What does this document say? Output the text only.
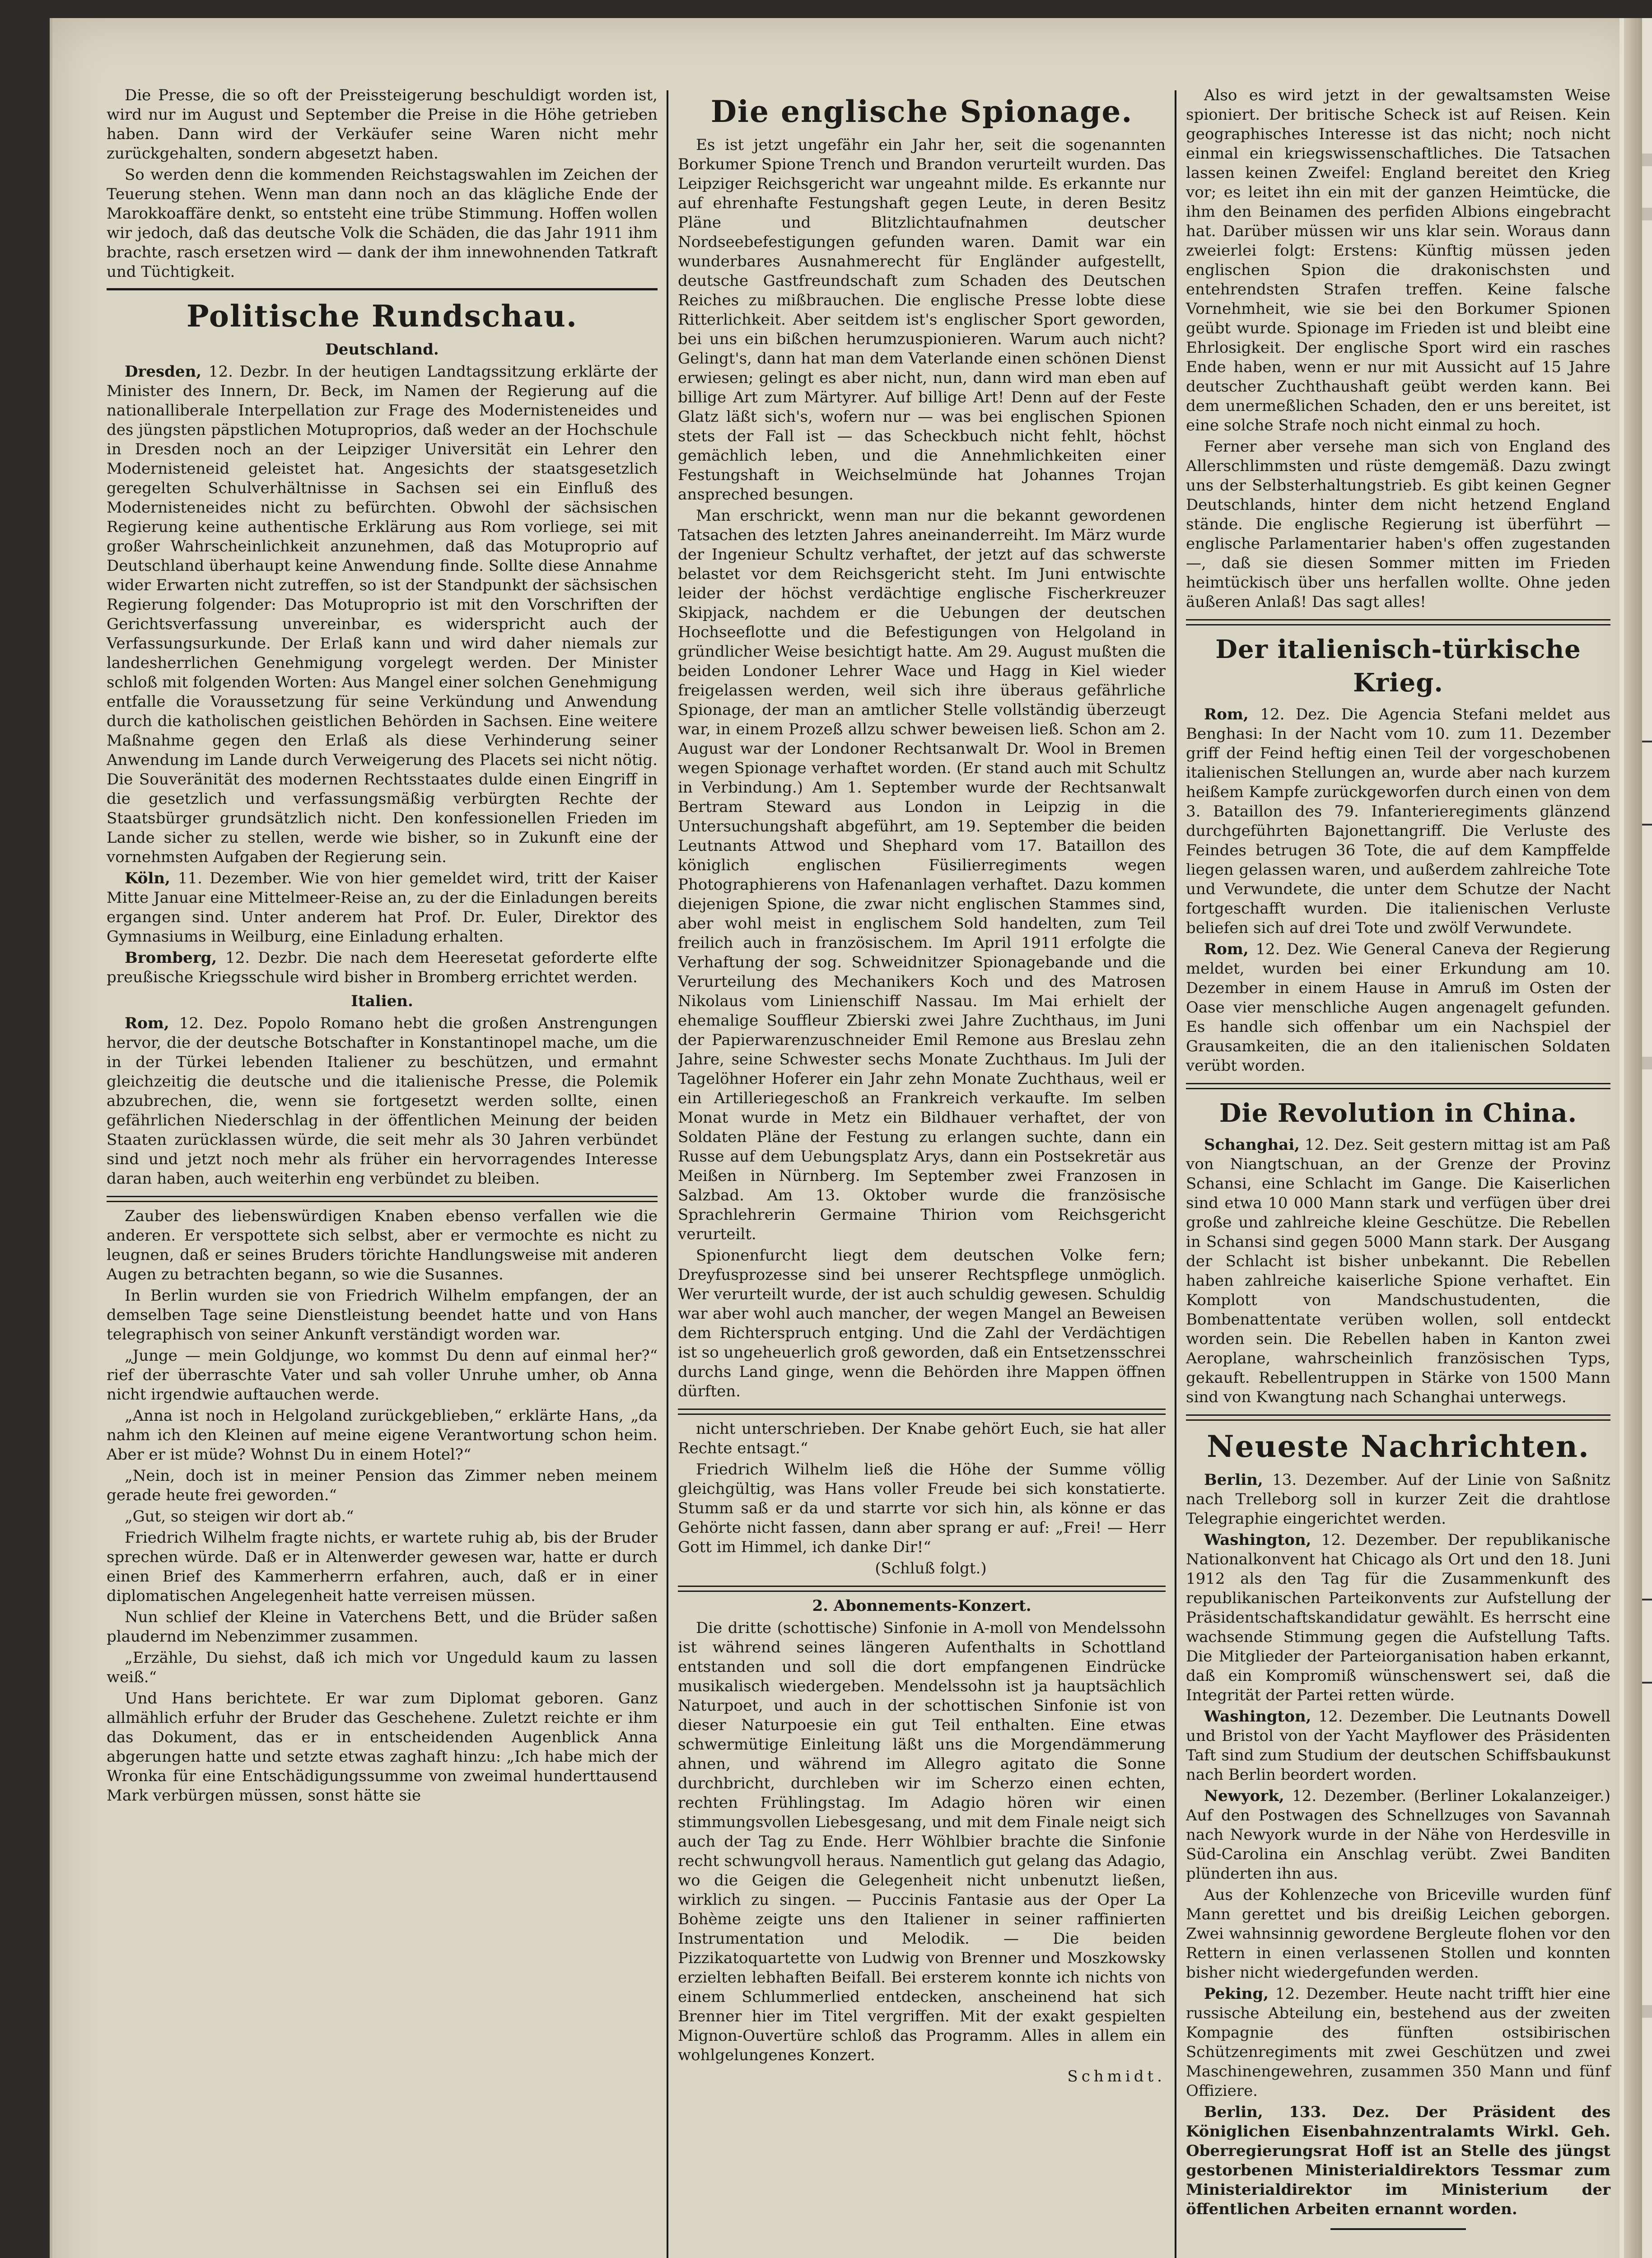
Die Presse, die so oft der Preissteigerung beschuldigt worden ist, wird nur im August und September die Preise in die Höhe getrieben haben. Dann wird der Verkäufer seine Waren nicht mehr zurückgehalten, sondern abgesetzt haben.

So werden denn die kommenden Reichstagswahlen im Zeichen der Teuerung stehen. Wenn man dann noch an das klägliche Ende der Marokkoaffäre denkt, so entsteht eine trübe Stimmung. Hoffen wollen wir jedoch, daß das deutsche Volk die Schäden, die das Jahr 1911 ihm brachte, rasch ersetzen wird — dank der ihm innewohnenden Tatkraft und Tüchtigkeit.

Politische Rundschau.
Deutschland.

Dresden, 12. Dezbr. In der heutigen Landtagssitzung erklärte der Minister des Innern, Dr. Beck, im Namen der Regierung auf die nationalliberale Interpellation zur Frage des Modernisteneides und des jüngsten päpstlichen Motuproprios, daß weder an der Hochschule in Dresden noch an der Leipziger Universität ein Lehrer den Modernisteneid geleistet hat. Angesichts der staatsgesetzlich geregelten Schulverhältnisse in Sachsen sei ein Einfluß des Modernisteneides nicht zu befürchten. Obwohl der sächsischen Regierung keine authentische Erklärung aus Rom vorliege, sei mit großer Wahrscheinlichkeit anzunehmen, daß das Motuproprio auf Deutschland überhaupt keine Anwendung finde. Sollte diese Annahme wider Erwarten nicht zutreffen, so ist der Standpunkt der sächsischen Regierung folgender: Das Motuproprio ist mit den Vorschriften der Gerichtsverfassung unvereinbar, es widerspricht auch der Verfassungsurkunde. Der Erlaß kann und wird daher niemals zur landesherrlichen Genehmigung vorgelegt werden. Der Minister schloß mit folgenden Worten: Aus Mangel einer solchen Genehmigung entfalle die Voraussetzung für seine Verkündung und Anwendung durch die katholischen geistlichen Behörden in Sachsen. Eine weitere Maßnahme gegen den Erlaß als diese Verhinderung seiner Anwendung im Lande durch Verweigerung des Placets sei nicht nötig. Die Souveränität des modernen Rechtsstaates dulde einen Eingriff in die gesetzlich und verfassungsmäßig verbürgten Rechte der Staatsbürger grundsätzlich nicht. Den konfessionellen Frieden im Lande sicher zu stellen, werde wie bisher, so in Zukunft eine der vornehmsten Aufgaben der Regierung sein.

Köln, 11. Dezember. Wie von hier gemeldet wird, tritt der Kaiser Mitte Januar eine Mittelmeer-Reise an, zu der die Einladungen bereits ergangen sind. Unter anderem hat Prof. Dr. Euler, Direktor des Gymnasiums in Weilburg, eine Einladung erhalten.

Bromberg, 12. Dezbr. Die nach dem Heeresetat geforderte elfte preußische Kriegsschule wird bisher in Bromberg errichtet werden.

Italien.

Rom, 12. Dez. Popolo Romano hebt die großen Anstrengungen hervor, die der deutsche Botschafter in Konstantinopel mache, um die in der Türkei lebenden Italiener zu beschützen, und ermahnt gleichzeitig die deutsche und die italienische Presse, die Polemik abzubrechen, die, wenn sie fortgesetzt werden sollte, einen gefährlichen Niederschlag in der öffentlichen Meinung der beiden Staaten zurücklassen würde, die seit mehr als 30 Jahren verbündet sind und jetzt noch mehr als früher ein hervorragendes Interesse daran haben, auch weiterhin eng verbündet zu bleiben.

Zauber des liebenswürdigen Knaben ebenso verfallen wie die anderen. Er verspottete sich selbst, aber er vermochte es nicht zu leugnen, daß er seines Bruders törichte Handlungsweise mit anderen Augen zu betrachten begann, so wie die Susannes.

In Berlin wurden sie von Friedrich Wilhelm empfangen, der an demselben Tage seine Dienstleistung beendet hatte und von Hans telegraphisch von seiner Ankunft verständigt worden war.

„Junge — mein Goldjunge, wo kommst Du denn auf einmal her?“ rief der überraschte Vater und sah voller Unruhe umher, ob Anna nicht irgendwie auftauchen werde.

„Anna ist noch in Helgoland zurückgeblieben,“ erklärte Hans, „da nahm ich den Kleinen auf meine eigene Verantwortung schon heim. Aber er ist müde? Wohnst Du in einem Hotel?“

„Nein, doch ist in meiner Pension das Zimmer neben meinem gerade heute frei geworden.“

„Gut, so steigen wir dort ab.“

Friedrich Wilhelm fragte nichts, er wartete ruhig ab, bis der Bruder sprechen würde. Daß er in Altenwerder gewesen war, hatte er durch einen Brief des Kammerherrn erfahren, auch, daß er in einer diplomatischen Angelegenheit hatte verreisen müssen.

Nun schlief der Kleine in Vaterchens Bett, und die Brüder saßen plaudernd im Nebenzimmer zusammen.

„Erzähle, Du siehst, daß ich mich vor Ungeduld kaum zu lassen weiß.“

Und Hans berichtete. Er war zum Diplomat geboren. Ganz allmählich erfuhr der Bruder das Geschehene. Zuletzt reichte er ihm das Dokument, das er in entscheidenden Augenblick Anna abgerungen hatte und setzte etwas zaghaft hinzu: „Ich habe mich der Wronka für eine Entschädigungssumme von zweimal hunderttausend Mark verbürgen müssen, sonst hätte sie

Die englische Spionage.

Es ist jetzt ungefähr ein Jahr her, seit die sogenannten Borkumer Spione Trench und Brandon verurteilt wurden. Das Leipziger Reichsgericht war ungeahnt milde. Es erkannte nur auf ehrenhafte Festungshaft gegen Leute, in deren Besitz Pläne und Blitzlichtaufnahmen deutscher Nordseebefestigungen gefunden waren. Damit war ein wunderbares Ausnahmerecht für Engländer aufgestellt, deutsche Gastfreundschaft zum Schaden des Deutschen Reiches zu mißbrauchen. Die englische Presse lobte diese Ritterlichkeit. Aber seitdem ist's englischer Sport geworden, bei uns ein bißchen herumzuspionieren. Warum auch nicht? Gelingt's, dann hat man dem Vaterlande einen schönen Dienst erwiesen; gelingt es aber nicht, nun, dann wird man eben auf billige Art zum Märtyrer. Auf billige Art! Denn auf der Feste Glatz läßt sich's, wofern nur — was bei englischen Spionen stets der Fall ist — das Scheckbuch nicht fehlt, höchst gemächlich leben, und die Annehmlichkeiten einer Festungshaft in Weichselmünde hat Johannes Trojan anspreched besungen.

Man erschrickt, wenn man nur die bekannt gewordenen Tatsachen des letzten Jahres aneinanderreiht. Im März wurde der Ingenieur Schultz verhaftet, der jetzt auf das schwerste belastet vor dem Reichsgericht steht. Im Juni entwischte leider der höchst verdächtige englische Fischerkreuzer Skipjack, nachdem er die Uebungen der deutschen Hochseeflotte und die Befestigungen von Helgoland in gründlicher Weise besichtigt hatte. Am 29. August mußten die beiden Londoner Lehrer Wace und Hagg in Kiel wieder freigelassen werden, weil sich ihre überaus gefährliche Spionage, der man an amtlicher Stelle vollständig überzeugt war, in einem Prozeß allzu schwer beweisen ließ. Schon am 2. August war der Londoner Rechtsanwalt Dr. Wool in Bremen wegen Spionage verhaftet worden. (Er stand auch mit Schultz in Verbindung.) Am 1. September wurde der Rechtsanwalt Bertram Steward aus London in Leipzig in die Untersuchungshaft abgeführt, am 19. September die beiden Leutnants Attwod und Shephard vom 17. Bataillon des königlich englischen Füsilierregiments wegen Photographierens von Hafenanlagen verhaftet. Dazu kommen diejenigen Spione, die zwar nicht englischen Stammes sind, aber wohl meist in englischem Sold handelten, zum Teil freilich auch in französischem. Im April 1911 erfolgte die Verhaftung der sog. Schweidnitzer Spionagebande und die Verurteilung des Mechanikers Koch und des Matrosen Nikolaus vom Linienschiff Nassau. Im Mai erhielt der ehemalige Souffleur Zbierski zwei Jahre Zuchthaus, im Juni der Papierwarenzuschneider Emil Remone aus Breslau zehn Jahre, seine Schwester sechs Monate Zuchthaus. Im Juli der Tagelöhner Hoferer ein Jahr zehn Monate Zuchthaus, weil er ein Artilleriegeschoß an Frankreich verkaufte. Im selben Monat wurde in Metz ein Bildhauer verhaftet, der von Soldaten Pläne der Festung zu erlangen suchte, dann ein Russe auf dem Uebungsplatz Arys, dann ein Postsekretär aus Meißen in Nürnberg. Im September zwei Franzosen in Salzbad. Am 13. Oktober wurde die französische Sprachlehrerin Germaine Thirion vom Reichsgericht verurteilt.

Spionenfurcht liegt dem deutschen Volke fern; Dreyfusprozesse sind bei unserer Rechtspflege unmöglich. Wer verurteilt wurde, der ist auch schuldig gewesen. Schuldig war aber wohl auch mancher, der wegen Mangel an Beweisen dem Richterspruch entging. Und die Zahl der Verdächtigen ist so ungeheuerlich groß geworden, daß ein Entsetzensschrei durchs Land ginge, wenn die Behörden ihre Mappen öffnen dürften.

nicht unterschrieben. Der Knabe gehört Euch, sie hat aller Rechte entsagt.“

Friedrich Wilhelm ließ die Höhe der Summe völlig gleichgültig, was Hans voller Freude bei sich konstatierte. Stumm saß er da und starrte vor sich hin, als könne er das Gehörte nicht fassen, dann aber sprang er auf: „Frei! — Herr Gott im Himmel, ich danke Dir!“

(Schluß folgt.)

2. Abonnements-Konzert.

Die dritte (schottische) Sinfonie in A-moll von Mendelssohn ist während seines längeren Aufenthalts in Schottland entstanden und soll die dort empfangenen Eindrücke musikalisch wiedergeben. Mendelssohn ist ja hauptsächlich Naturpoet, und auch in der schottischen Sinfonie ist von dieser Naturpoesie ein gut Teil enthalten. Eine etwas schwermütige Einleitung läßt uns die Morgendämmerung ahnen, und während im Allegro agitato die Sonne durchbricht, durchleben wir im Scherzo einen echten, rechten Frühlingstag. Im Adagio hören wir einen stimmungsvollen Liebesgesang, und mit dem Finale neigt sich auch der Tag zu Ende. Herr Wöhlbier brachte die Sinfonie recht schwungvoll heraus. Namentlich gut gelang das Adagio, wo die Geigen die Gelegenheit nicht unbenutzt ließen, wirklich zu singen. — Puccinis Fantasie aus der Oper La Bohème zeigte uns den Italiener in seiner raffinierten Instrumentation und Melodik. — Die beiden Pizzikatoquartette von Ludwig von Brenner und Moszkowsky erzielten lebhaften Beifall. Bei ersterem konnte ich nichts von einem Schlummerlied entdecken, anscheinend hat sich Brenner hier im Titel vergriffen. Mit der exakt gespielten Mignon-Ouvertüre schloß das Programm. Alles in allem ein wohlgelungenes Konzert.

Schmidt.

Also es wird jetzt in der gewaltsamsten Weise spioniert. Der britische Scheck ist auf Reisen. Kein geographisches Interesse ist das nicht; noch nicht einmal ein kriegswissenschaftliches. Die Tatsachen lassen keinen Zweifel: England bereitet den Krieg vor; es leitet ihn ein mit der ganzen Heimtücke, die ihm den Beinamen des perfiden Albions eingebracht hat. Darüber müssen wir uns klar sein. Woraus dann zweierlei folgt: Erstens: Künftig müssen jeden englischen Spion die drakonischsten und entehrendsten Strafen treffen. Keine falsche Vornehmheit, wie sie bei den Borkumer Spionen geübt wurde. Spionage im Frieden ist und bleibt eine Ehrlosigkeit. Der englische Sport wird ein rasches Ende haben, wenn er nur mit Aussicht auf 15 Jahre deutscher Zuchthaushaft geübt werden kann. Bei dem unermeßlichen Schaden, den er uns bereitet, ist eine solche Strafe noch nicht einmal zu hoch.

Ferner aber versehe man sich von England des Allerschlimmsten und rüste demgemäß. Dazu zwingt uns der Selbsterhaltungstrieb. Es gibt keinen Gegner Deutschlands, hinter dem nicht hetzend England stände. Die englische Regierung ist überführt — englische Parlamentarier haben's offen zugestanden —, daß sie diesen Sommer mitten im Frieden heimtückisch über uns herfallen wollte. Ohne jeden äußeren Anlaß! Das sagt alles!

Der italienisch-türkische Krieg.

Rom, 12. Dez. Die Agencia Stefani meldet aus Benghasi: In der Nacht vom 10. zum 11. Dezember griff der Feind heftig einen Teil der vorgeschobenen italienischen Stellungen an, wurde aber nach kurzem heißem Kampfe zurückgeworfen durch einen von dem 3. Bataillon des 79. Infanterieregiments glänzend durchgeführten Bajonettangriff. Die Verluste des Feindes betrugen 36 Tote, die auf dem Kampffelde liegen gelassen waren, und außerdem zahlreiche Tote und Verwundete, die unter dem Schutze der Nacht fortgeschafft wurden. Die italienischen Verluste beliefen sich auf drei Tote und zwölf Verwundete.

Rom, 12. Dez. Wie General Caneva der Regierung meldet, wurden bei einer Erkundung am 10. Dezember in einem Hause in Amruß im Osten der Oase vier menschliche Augen angenagelt gefunden. Es handle sich offenbar um ein Nachspiel der Grausamkeiten, die an den italienischen Soldaten verübt worden.

Die Revolution in China.

Schanghai, 12. Dez. Seit gestern mittag ist am Paß von Niangtschuan, an der Grenze der Provinz Schansi, eine Schlacht im Gange. Die Kaiserlichen sind etwa 10 000 Mann stark und verfügen über drei große und zahlreiche kleine Geschütze. Die Rebellen in Schansi sind gegen 5000 Mann stark. Der Ausgang der Schlacht ist bisher unbekannt. Die Rebellen haben zahlreiche kaiserliche Spione verhaftet. Ein Komplott von Mandschustudenten, die Bombenattentate verüben wollen, soll entdeckt worden sein. Die Rebellen haben in Kanton zwei Aeroplane, wahrscheinlich französischen Typs, gekauft. Rebellentruppen in Stärke von 1500 Mann sind von Kwangtung nach Schanghai unterwegs.

Neueste Nachrichten.

Berlin, 13. Dezember. Auf der Linie von Saßnitz nach Trelleborg soll in kurzer Zeit die drahtlose Telegraphie eingerichtet werden.

Washington, 12. Dezember. Der republikanische Nationalkonvent hat Chicago als Ort und den 18. Juni 1912 als den Tag für die Zusammenkunft des republikanischen Parteikonvents zur Aufstellung der Präsidentschaftskandidatur gewählt. Es herrscht eine wachsende Stimmung gegen die Aufstellung Tafts. Die Mitglieder der Parteiorganisation haben erkannt, daß ein Kompromiß wünschenswert sei, daß die Integrität der Partei retten würde.

Washington, 12. Dezember. Die Leutnants Dowell und Bristol von der Yacht Mayflower des Präsidenten Taft sind zum Studium der deutschen Schiffsbaukunst nach Berlin beordert worden.

Newyork, 12. Dezember. (Berliner Lokalanzeiger.) Auf den Postwagen des Schnellzuges von Savannah nach Newyork wurde in der Nähe von Herdesville in Süd-Carolina ein Anschlag verübt. Zwei Banditen plünderten ihn aus.

Aus der Kohlenzeche von Briceville wurden fünf Mann gerettet und bis dreißig Leichen geborgen. Zwei wahnsinnig gewordene Bergleute flohen vor den Rettern in einen verlassenen Stollen und konnten bisher nicht wiedergefunden werden.

Peking, 12. Dezember. Heute nacht trifft hier eine russische Abteilung ein, bestehend aus der zweiten Kompagnie des fünften ostsibirischen Schützenregiments mit zwei Geschützen und zwei Maschinengewehren, zusammen 350 Mann und fünf Offiziere.

Berlin, 133. Dez. Der Präsident des Königlichen Eisenbahnzentralamts Wirkl. Geh. Oberregierungsrat Hoff ist an Stelle des jüngst gestorbenen Ministerialdirektors Tessmar zum Ministerialdirektor im Ministerium der öffentlichen Arbeiten ernannt worden.
